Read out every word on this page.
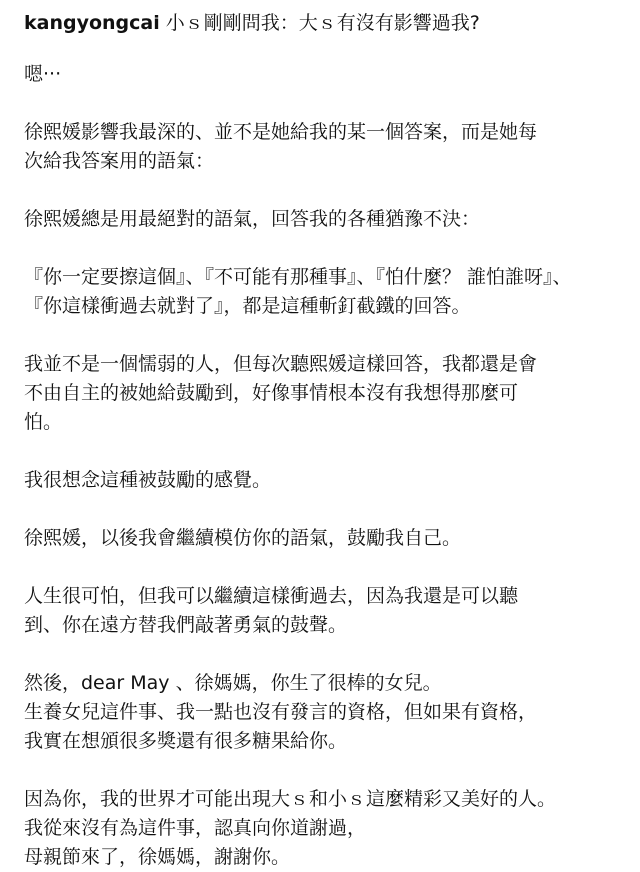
kangyongcai 小ｓ剛剛問我：大ｓ有沒有影響過我?
嗯···
徐熙媛影響我最深的、並不是她給我的某一個答案，而是她每
次給我答案用的語氣：
徐熙媛總是用最絕對的語氣，回答我的各種猶豫不決：
『你一定要擦這個』、『不可能有那種事』、『怕什麼？ 誰怕誰呀』、
『你這樣衝過去就對了』，都是這種斬釘截鐵的回答。
我並不是一個懦弱的人，但每次聽熙媛這樣回答，我都還是會
不由自主的被她給鼓勵到，好像事情根本沒有我想得那麼可
怕。
我很想念這種被鼓勵的感覺。
徐熙媛，以後我會繼續模仿你的語氣，鼓勵我自己。
人生很可怕，但我可以繼續這樣衝過去，因為我還是可以聽
到、你在遠方替我們敲著勇氣的鼓聲。
然後，dear May 、徐媽媽，你生了很棒的女兒。
生養女兒這件事、我一點也沒有發言的資格，但如果有資格，
我實在想頒很多獎還有很多糖果給你。
因為你，我的世界才可能出現大ｓ和小ｓ這麼精彩又美好的人。
我從來沒有為這件事，認真向你道謝過，
母親節來了，徐媽媽，謝謝你。
